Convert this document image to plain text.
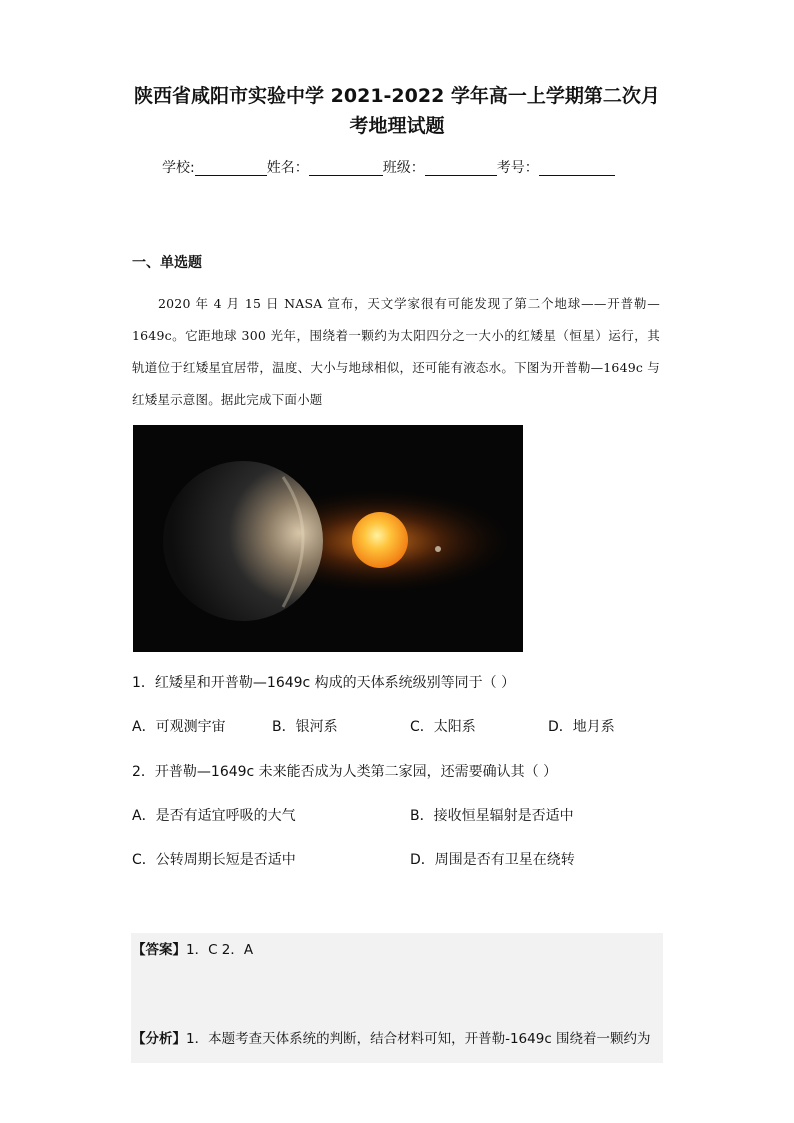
陕西省咸阳市实验中学 2021-2022 学年高一上学期第二次月
考地理试题
学校:	姓名：	班级：	考号：
一、单选题
2020 年 4 月 15 日 NASA 宣布，天文学家很有可能发现了第二个地球——开普勒—1649c。它距地球 300 光年，围绕着一颗约为太阳四分之一大小的红矮星（恒星）运行，其轨道位于红矮星宜居带，温度、大小与地球相似，还可能有液态水。下图为开普勒—1649c 与红矮星示意图。据此完成下面小题
1．红矮星和开普勒—1649c 构成的天体系统级别等同于（ ）
A．可观测宇宙	B．银河系	C．太阳系	D．地月系
2．开普勒—1649c 未来能否成为人类第二家园，还需要确认其（ ）
A．是否有适宜呼吸的大气	B．接收恒星辐射是否适中
C．公转周期长短是否适中	D．周围是否有卫星在绕转
【答案】1．C 2．A
【分析】1．本题考查天体系统的判断，结合材料可知，开普勒-1649c 围绕着一颗约为
